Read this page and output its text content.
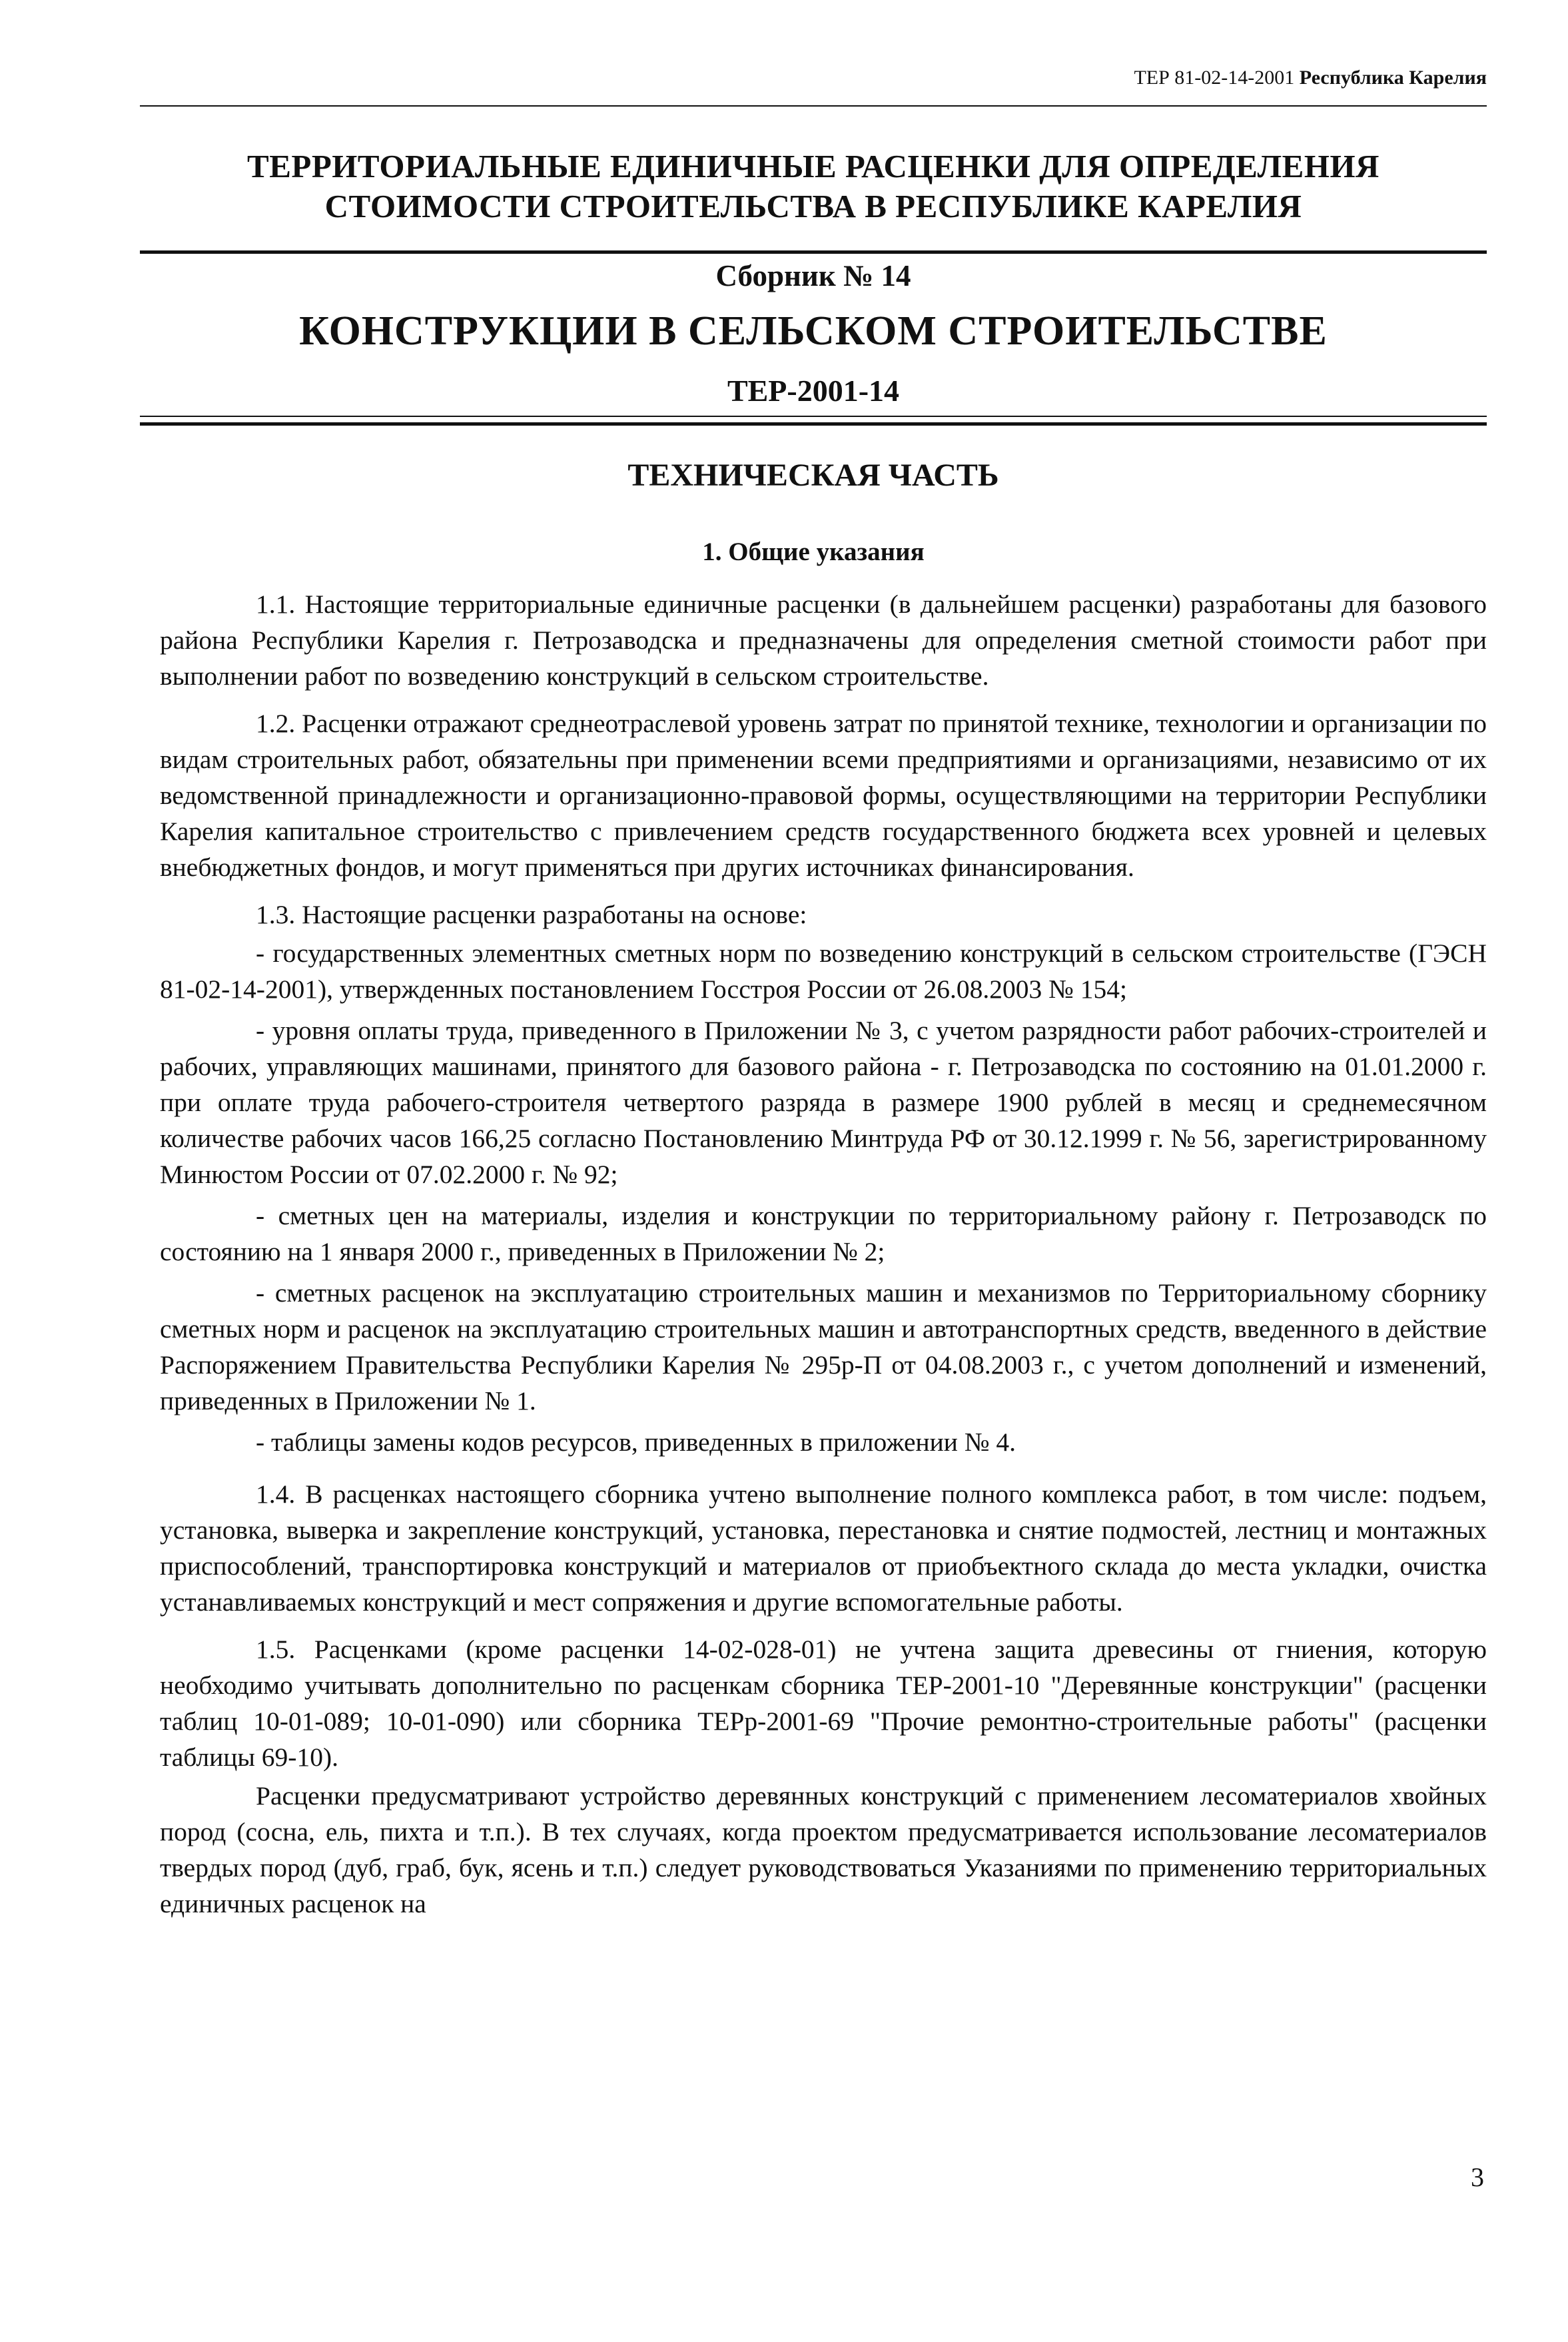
ТЕР 81-02-14-2001 Республика Карелия
ТЕРРИТОРИАЛЬНЫЕ ЕДИНИЧНЫЕ РАСЦЕНКИ ДЛЯ ОПРЕДЕЛЕНИЯ
СТОИМОСТИ СТРОИТЕЛЬСТВА В РЕСПУБЛИКЕ КАРЕЛИЯ
Сборник № 14
КОНСТРУКЦИИ В СЕЛЬСКОМ СТРОИТЕЛЬСТВЕ
ТЕР-2001-14
ТЕХНИЧЕСКАЯ ЧАСТЬ
1. Общие указания

1.1. Настоящие территориальные единичные расценки (в дальнейшем расценки) разработаны для базового района Республики Карелия г. Петрозаводска и предназначены для определения сметной стоимости работ при выполнении работ по возведению конструкций в сельском строительстве.

1.2. Расценки отражают среднеотраслевой уровень затрат по принятой технике, технологии и организации по видам строительных работ, обязательны при применении всеми предприятиями и организациями, независимо от их ведомственной принадлежности и организационно-правовой формы, осуществляющими на территории Республики Карелия капитальное строительство с привлечением средств государственного бюджета всех уровней и целевых внебюджетных фондов, и могут применяться при других источниках финансирования.

1.3. Настоящие расценки разработаны на основе:

- государственных элементных сметных норм по возведению конструкций в сельском строительстве (ГЭСН 81-02-14-2001), утвержденных постановлением Госстроя России от 26.08.2003 № 154;

- уровня оплаты труда, приведенного в Приложении № 3, с учетом разрядности работ рабочих-строителей и рабочих, управляющих машинами, принятого для базового района - г. Петрозаводска по состоянию на 01.01.2000 г. при оплате труда рабочего-строителя четвертого разряда в размере 1900 рублей в месяц и среднемесячном количестве рабочих часов 166,25 согласно Постановлению Минтруда РФ от 30.12.1999 г. № 56, зарегистрированному Минюстом России от 07.02.2000 г. № 92;

- сметных цен на материалы, изделия и конструкции по территориальному району г. Петрозаводск по состоянию на 1 января 2000 г., приведенных в Приложении № 2;

- сметных расценок на эксплуатацию строительных машин и механизмов по Территориальному сборнику сметных норм и расценок на эксплуатацию строительных машин и автотранспортных средств, введенного в действие Распоряжением Правительства Республики Карелия № 295р-П от 04.08.2003 г., с учетом дополнений и изменений, приведенных в Приложении № 1.

- таблицы замены кодов ресурсов, приведенных в приложении № 4.

1.4. В расценках настоящего сборника учтено выполнение полного комплекса работ, в том числе: подъем, установка, выверка и закрепление конструкций, установка, перестановка и снятие подмостей, лестниц и монтажных приспособлений, транспортировка конструкций и материалов от приобъектного склада до места укладки, очистка устанавливаемых конструкций и мест сопряжения и другие вспомогательные работы.

1.5. Расценками (кроме расценки 14-02-028-01) не учтена защита древесины от гниения, которую необходимо учитывать дополнительно по расценкам сборника ТЕР-2001-10 "Деревянные конструкции" (расценки таблиц 10-01-089; 10-01-090) или сборника ТЕРр-2001-69 "Прочие ремонтно-строительные работы" (расценки таблицы 69-10).

Расценки предусматривают устройство деревянных конструкций с применением лесоматериалов хвойных пород (сосна, ель, пихта и т.п.). В тех случаях, когда проектом предусматривается использование лесоматериалов твердых пород (дуб, граб, бук, ясень и т.п.) следует руководствоваться Указаниями по применению территориальных единичных расценок на

3
